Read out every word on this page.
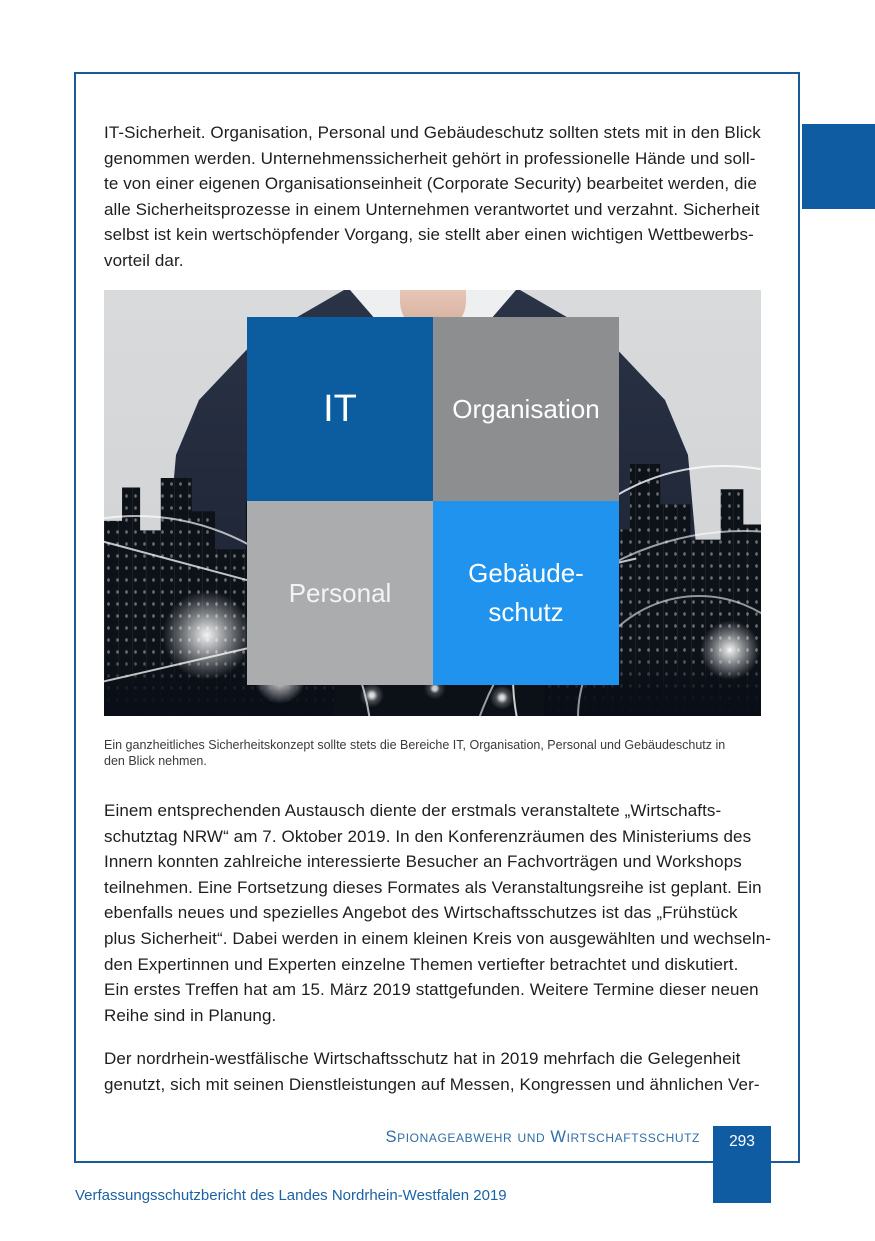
IT-Sicherheit. Organisation, Personal und Gebäudeschutz sollten stets mit in den Blick
genommen werden. Unternehmenssicherheit gehört in professionelle Hände und soll-
te von einer eigenen Organisationseinheit (Corporate Security) bearbeitet werden, die
alle Sicherheitsprozesse in einem Unternehmen verantwortet und verzahnt. Sicherheit
selbst ist kein wertschöpfender Vorgang, sie stellt aber einen wichtigen Wettbewerbs-
vorteil dar.

IT	Organisation
Personal
Gebäude-
schutz

Ein ganzheitliches Sicherheitskonzept sollte stets die Bereiche IT, Organisation, Personal und Gebäudeschutz in
den Blick nehmen.

Einem entsprechenden Austausch diente der erstmals veranstaltete „Wirtschafts-
schutztag NRW“ am 7. Oktober 2019. In den Konferenzräumen des Ministeriums des
Innern konnten zahlreiche interessierte Besucher an Fachvorträgen und Workshops
teilnehmen. Eine Fortsetzung dieses Formates als Veranstaltungsreihe ist geplant. Ein
ebenfalls neues und spezielles Angebot des Wirtschaftsschutzes ist das „Frühstück
plus Sicherheit“. Dabei werden in einem kleinen Kreis von ausgewählten und wechseln-
den Expertinnen und Experten einzelne Themen vertiefter betrachtet und diskutiert.
Ein erstes Treffen hat am 15. März 2019 stattgefunden. Weitere Termine dieser neuen
Reihe sind in Planung.

Der nordrhein-westfälische Wirtschaftsschutz hat in 2019 mehrfach die Gelegenheit
genutzt, sich mit seinen Dienstleistungen auf Messen, Kongressen und ähnlichen Ver-

Spionageabwehr und Wirtschaftsschutz	293

Verfassungsschutzbericht des Landes Nordrhein-Westfalen 2019
